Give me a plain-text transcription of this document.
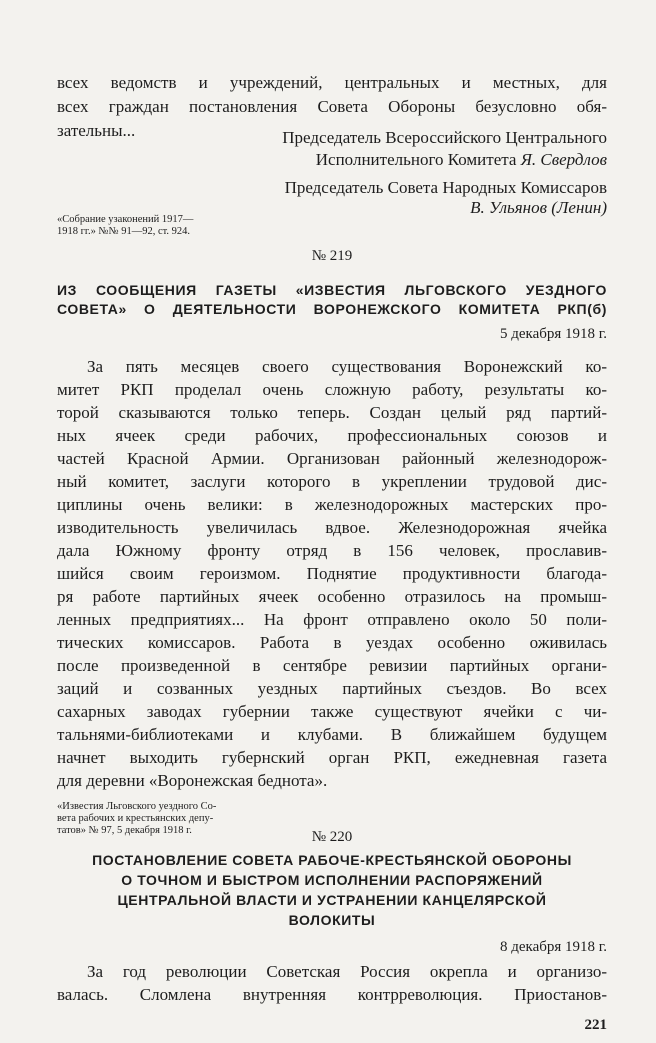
всех ведомств и учреждений, центральных и местных, для
всех граждан постановления Совета Обороны безусловно обя-
зательны...	Председатель Всероссийского Центрального
Исполнительного Комитета Я. Свердлов
Председатель Совета Народных Комиссаров
В. Ульянов (Ленин)
«Собрание узаконений 1917—
1918 гг.» №№ 91—92, ст. 924.
№ 219
ИЗ СООБЩЕНИЯ ГАЗЕТЫ «ИЗВЕСТИЯ ЛЬГОВСКОГО УЕЗДНОГО
СОВЕТА» О ДЕЯТЕЛЬНОСТИ ВОРОНЕЖСКОГО КОМИТЕТА РКП(б)
5 декабря 1918 г.
За пять месяцев своего существования Воронежский ко-
митет РКП проделал очень сложную работу, результаты ко-
торой сказываются только теперь. Создан целый ряд партий-
ных ячеек среди рабочих, профессиональных союзов и
частей Красной Армии. Организован районный железнодорож-
ный комитет, заслуги которого в укреплении трудовой дис-
циплины очень велики: в железнодорожных мастерских про-
изводительность увеличилась вдвое. Железнодорожная ячейка
дала Южному фронту отряд в 156 человек, прославив-
шийся своим героизмом. Поднятие продуктивности благода-
ря работе партийных ячеек особенно отразилось на промыш-
ленных предприятиях... На фронт отправлено около 50 поли-
тических комиссаров. Работа в уездах особенно оживилась
после произведенной в сентябре ревизии партийных органи-
заций и созванных уездных партийных съездов. Во всех
сахарных заводах губернии также существуют ячейки с чи-
тальнями-библиотеками и клубами. В ближайшем будущем
начнет выходить губернский орган РКП, ежедневная газета
для деревни «Воронежская беднота».
«Известия Льговского уездного Со-
вета рабочих и крестьянских депу-
татов» № 97, 5 декабря 1918 г.	№ 220
ПОСТАНОВЛЕНИЕ СОВЕТА РАБОЧЕ-КРЕСТЬЯНСКОЙ ОБОРОНЫ
О ТОЧНОМ И БЫСТРОМ ИСПОЛНЕНИИ РАСПОРЯЖЕНИЙ
ЦЕНТРАЛЬНОЙ ВЛАСТИ И УСТРАНЕНИИ КАНЦЕЛЯРСКОЙ
ВОЛОКИТЫ
8 декабря 1918 г.
За год революции Советская Россия окрепла и организо-
валась. Сломлена внутренняя контрреволюция. Приостанов-
221
